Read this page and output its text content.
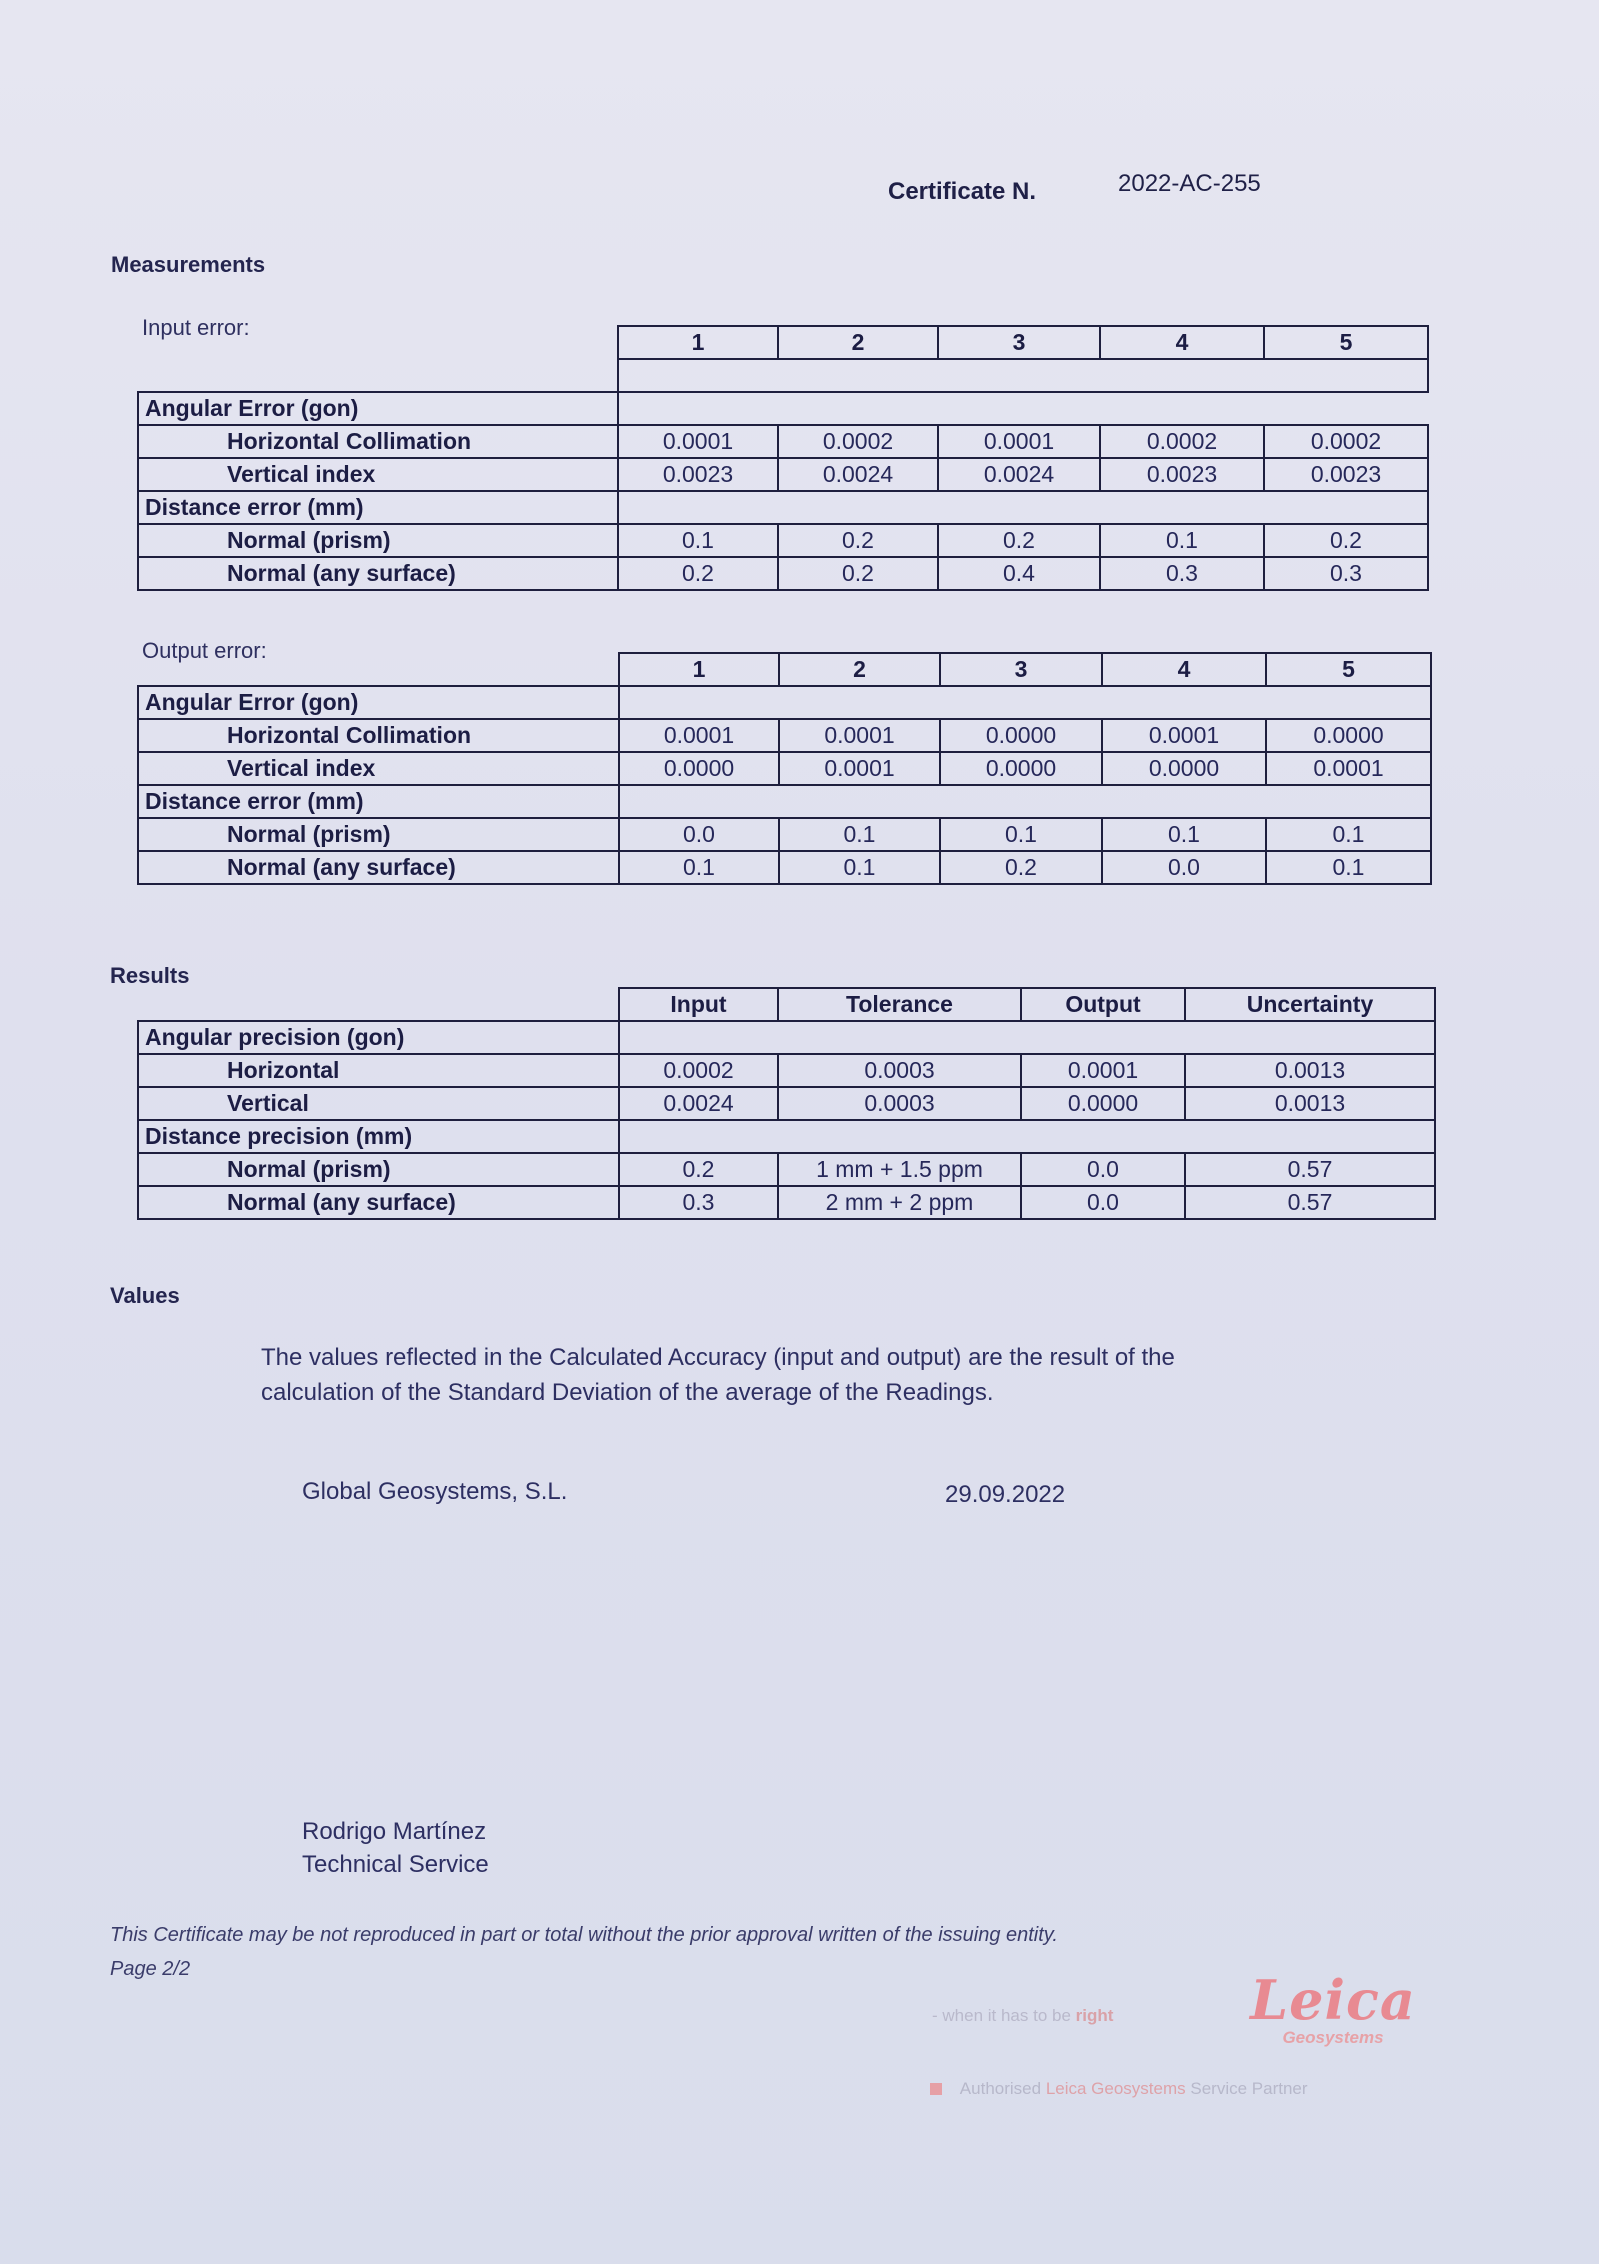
Certificate N.	2022-AC-255
Measurements
Input error:
	1	2	3	4	5

Angular Error (gon)					
Horizontal Collimation	0.0001	0.0002	0.0001	0.0002	0.0002
Vertical index	0.0023	0.0024	0.0024	0.0023	0.0023
Distance error (mm)					
Normal (prism)	0.1	0.2	0.2	0.1	0.2
Normal (any surface)	0.2	0.2	0.4	0.3	0.3
Output error:
	1	2	3	4	5
Angular Error (gon)					
Horizontal Collimation	0.0001	0.0001	0.0000	0.0001	0.0000
Vertical index	0.0000	0.0001	0.0000	0.0000	0.0001
Distance error (mm)					
Normal (prism)	0.0	0.1	0.1	0.1	0.1
Normal (any surface)	0.1	0.1	0.2	0.0	0.1
Results
	Input	Tolerance	Output	Uncertainty
Angular precision (gon)				
Horizontal	0.0002	0.0003	0.0001	0.0013
Vertical	0.0024	0.0003	0.0000	0.0013
Distance precision (mm)				
Normal (prism)	0.2	1 mm + 1.5 ppm	0.0	0.57
Normal (any surface)	0.3	2 mm + 2 ppm	0.0	0.57
Values
The values reflected in the Calculated Accuracy (input and output) are the result of the
calculation of the Standard Deviation of the average of the Readings.
Global Geosystems, S.L.	29.09.2022
Rodrigo Martínez
Technical Service
This Certificate may be not reproduced in part or total without the prior approval written of the issuing entity.
Page 2/2
- when it has to be right	Leica
Geosystems
Authorised Leica Geosystems Service Partner
